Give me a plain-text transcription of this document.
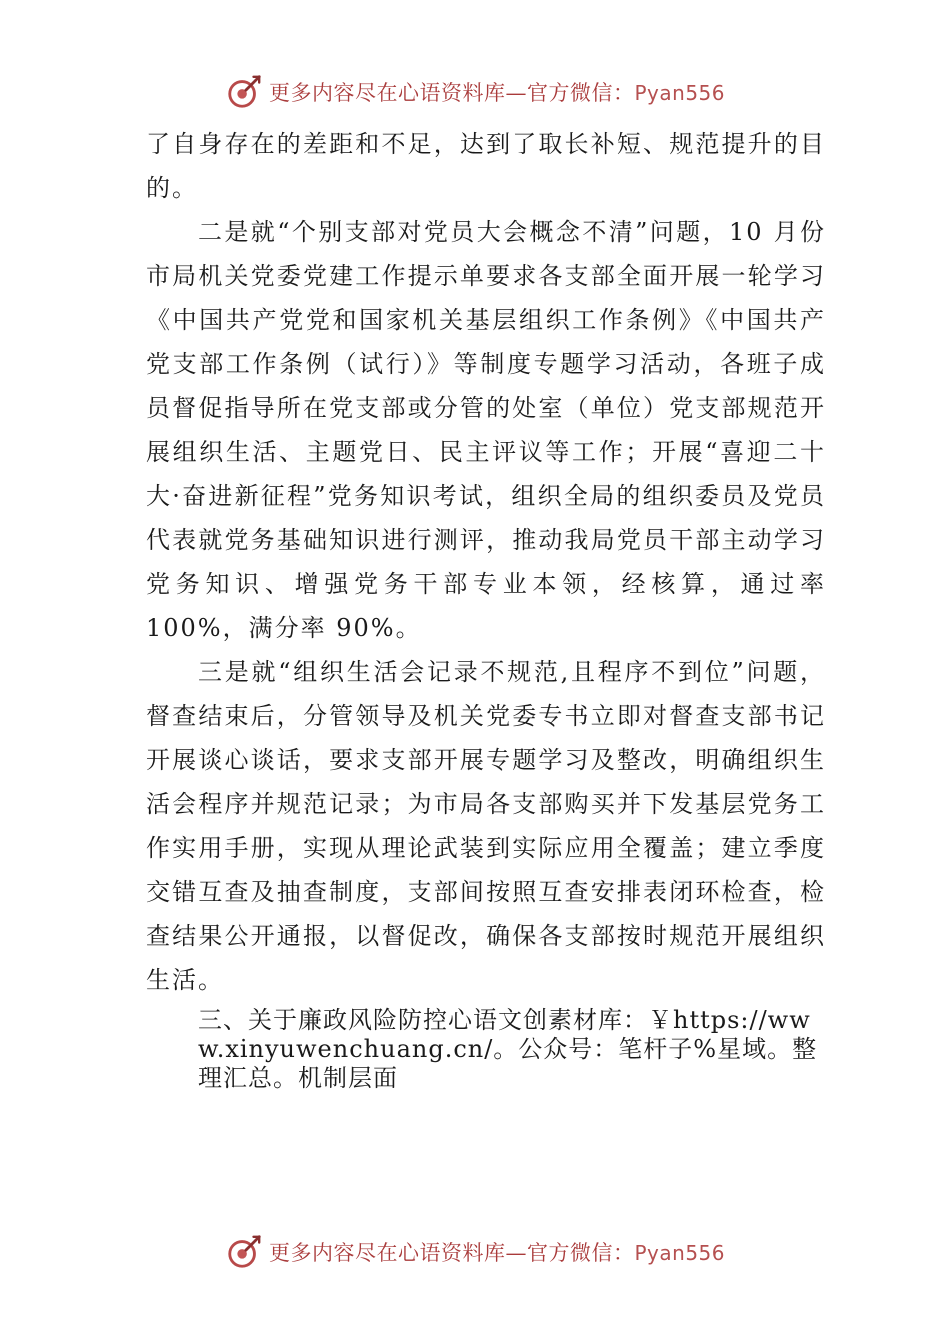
更多内容尽在心语资料库—官方微信：Pyan556

了自身存在的差距和不足，达到了取长补短、规范提升的目的。

二是就“个别支部对党员大会概念不清”问题，10 月份市局机关党委党建工作提示单要求各支部全面开展一轮学习《中国共产党党和国家机关基层组织工作条例》《中国共产党支部工作条例（试行）》等制度专题学习活动，各班子成员督促指导所在党支部或分管的处室（单位）党支部规范开展组织生活、主题党日、民主评议等工作；开展“喜迎二十大·奋进新征程”党务知识考试，组织全局的组织委员及党员代表就党务基础知识进行测评，推动我局党员干部主动学习党务知识、增强党务干部专业本领，经核算，通过率100%，满分率 90%。

三是就“组织生活会记录不规范,且程序不到位”问题，督查结束后，分管领导及机关党委专书立即对督查支部书记开展谈心谈话，要求支部开展专题学习及整改，明确组织生活会程序并规范记录；为市局各支部购买并下发基层党务工作实用手册，实现从理论武装到实际应用全覆盖；建立季度交错互查及抽查制度，支部间按照互查安排表闭环检查，检查结果公开通报，以督促改，确保各支部按时规范开展组织生活。

三、关于廉政风险防控心语文创素材库：￥https://www.xinyuwenchuang.cn/。公众号：笔杆子%星域。整理汇总。机制层面

更多内容尽在心语资料库—官方微信：Pyan556
